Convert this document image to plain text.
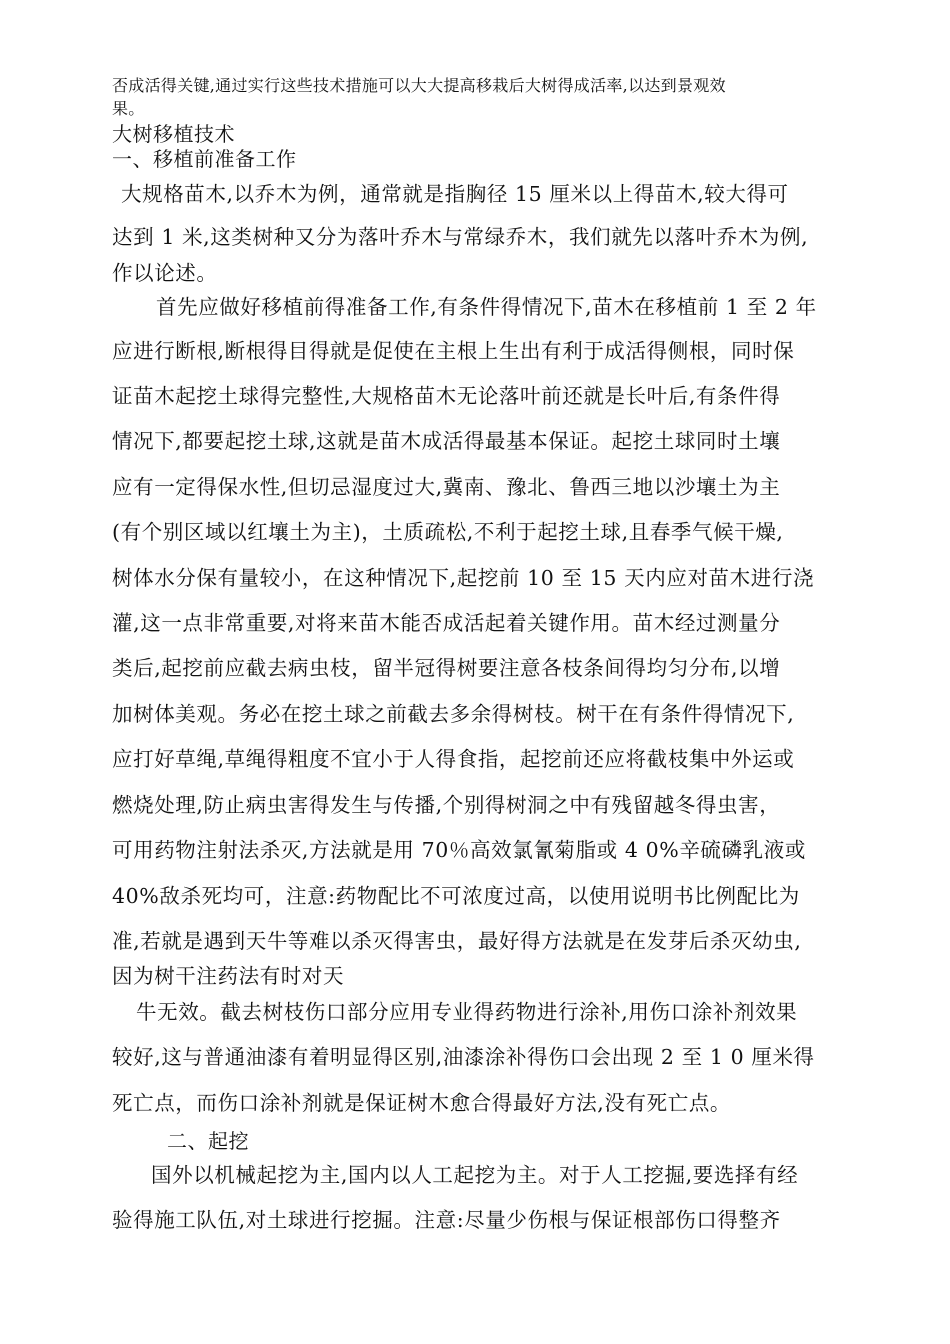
否成活得关键,通过实行这些技术措施可以大大提高移栽后大树得成活率,以达到景观效
果。
大树移植技术
一、移植前准备工作
大规格苗木,以乔木为例，通常就是指胸径 15 厘米以上得苗木,较大得可
达到 1 米,这类树种又分为落叶乔木与常绿乔木，我们就先以落叶乔木为例,
作以论述。
首先应做好移植前得准备工作,有条件得情况下,苗木在移植前 1 至 2 年
应进行断根,断根得目得就是促使在主根上生出有利于成活得侧根，同时保
证苗木起挖土球得完整性,大规格苗木无论落叶前还就是长叶后,有条件得
情况下,都要起挖土球,这就是苗木成活得最基本保证。起挖土球同时土壤
应有一定得保水性,但切忌湿度过大,冀南、豫北、鲁西三地以沙壤土为主
(有个别区域以红壤土为主)，土质疏松,不利于起挖土球,且春季气候干燥,
树体水分保有量较小，在这种情况下,起挖前 10 至 15 天内应对苗木进行浇
灌,这一点非常重要,对将来苗木能否成活起着关键作用。苗木经过测量分
类后,起挖前应截去病虫枝，留半冠得树要注意各枝条间得均匀分布,以增
加树体美观。务必在挖土球之前截去多余得树枝。树干在有条件得情况下,
应打好草绳,草绳得粗度不宜小于人得食指，起挖前还应将截枝集中外运或
燃烧处理,防止病虫害得发生与传播,个别得树洞之中有残留越冬得虫害，
可用药物注射法杀灭,方法就是用 70％高效氯氰菊脂或 4 0%辛硫磷乳液或
40%敌杀死均可，注意:药物配比不可浓度过高，以使用说明书比例配比为
准,若就是遇到天牛等难以杀灭得害虫，最好得方法就是在发芽后杀灭幼虫,
因为树干注药法有时对天
牛无效。截去树枝伤口部分应用专业得药物进行涂补,用伤口涂补剂效果
较好,这与普通油漆有着明显得区别,油漆涂补得伤口会出现 2 至 1 0 厘米得
死亡点，而伤口涂补剂就是保证树木愈合得最好方法,没有死亡点。
二、起挖
国外以机械起挖为主,国内以人工起挖为主。对于人工挖掘,要选择有经
验得施工队伍,对土球进行挖掘。注意:尽量少伤根与保证根部伤口得整齐
